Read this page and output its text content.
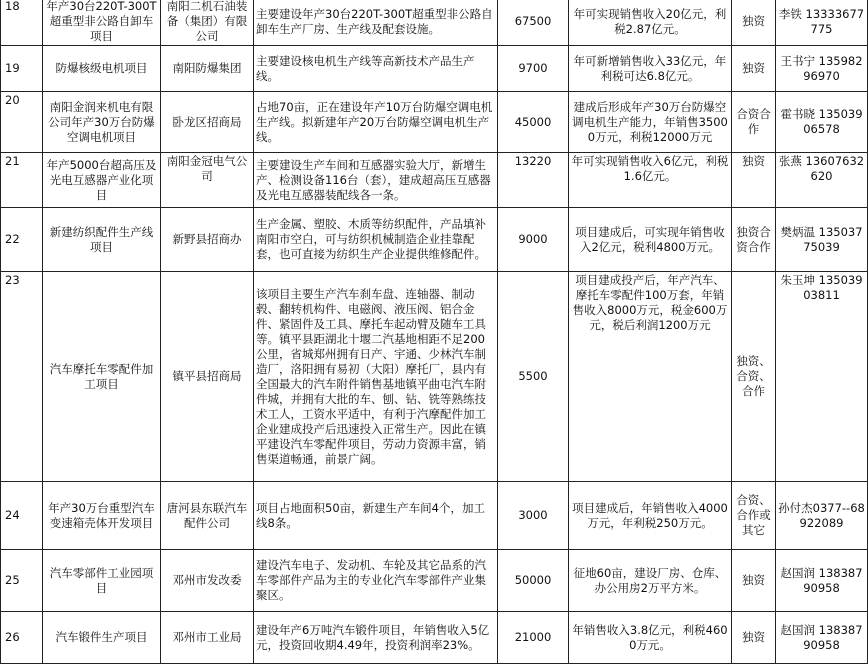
18	年产30台220T-300T超重型非公路自卸车项目	南阳二机石油装备（集团）有限公司	主要建设年产30台220T-300T超重型非公路自卸车生产厂房、生产线及配套设施。	67500	年可实现销售收入20亿元，利税2.87亿元。	独资	李铁 13333677775
19	防爆核级电机项目	南阳防爆集团	主要建设核电机生产线等高新技术产品生产线。	9700	年可新增销售收入33亿元，年利税可达6.8亿元。	独资	王书宁 13598296970
20	南阳金润来机电有限公司年产30万台防爆空调电机项目	卧龙区招商局	占地70亩，正在建设年产10万台防爆空调电机生产线。拟新建年产20万台防爆空调电机生产线。	45000	建成后形成年产30万台防爆空调电机生产能力，年销售35000万元，利税12000万元	合资合作	霍书晓 13503906578
21	年产5000台超高压及光电互感器产业化项目	南阳金冠电气公司	主要建设生产车间和互感器实验大厅，新增生产、检测设备116台（套），建成超高压互感器及光电互感器装配线各一条。	13220	年可实现销售收入6亿元，利税1.6亿元。	独资	张燕 13607632620
22	新建纺织配件生产线项目	新野县招商办	生产金属、塑胶、木质等纺织配件，产品填补南阳市空白，可与纺织机械制造企业挂靠配套，也可直接为纺织生产企业提供维修配件。	9000	项目建成后，可实现年销售收入2亿元，税利4800万元。	独资合资合作	樊炳温 13503775039
23	汽车摩托车零配件加工项目	镇平县招商局	该项目主要生产汽车刹车盘、连轴器、制动毂、翻转机构件、电磁阀、液压阀、铝合金件、紧固件及工具、摩托车起动臂及随车工具等。镇平县距湖北十堰二汽基地相距不足200公里，省城郑州拥有日产、宇通、少林汽车制造厂，洛阳拥有易初（大阳）摩托厂，县内有全国最大的汽车附件销售基地镇平曲屯汽车附件城，并拥有大批的车、刨、钻、铣等熟练技术工人，工资水平适中，有利于汽摩配件加工企业建成投产后迅速投入正常生产。因此在镇平建设汽车零配件项目，劳动力资源丰富，销售渠道畅通，前景广阔。	5500	项目建成投产后，年产汽车、摩托车零配件100万套，年销售收入8000万元，税金600万元，税后利润1200万元	独资、合资、合作	朱玉坤 13503903811
24	年产30万台重型汽车变速箱壳体开发项目	唐河县东联汽车配件公司	项目占地面积50亩，新建生产车间4个，加工线8条。	3000	项目建成后，年销售收入4000万元，年利税250万元。	合资、合作或其它	孙付杰0377--68922089
25	汽车零部件工业园项目	邓州市发改委	建设汽车电子、发动机、车轮及其它品系的汽车零部件产品为主的专业化汽车零部件产业集聚区。	50000	征地60亩，建设厂房、仓库、办公用房2万平方米。	独资	赵国润 13838790958
26	汽车锻件生产项目	邓州市工业局	建设年产6万吨汽车锻件项目，年销售收入5亿元，投资回收期4.49年，投资利润率23%。	21000	年销售收入3.8亿元，利税4600万元。	独资	赵国润 13838790958
